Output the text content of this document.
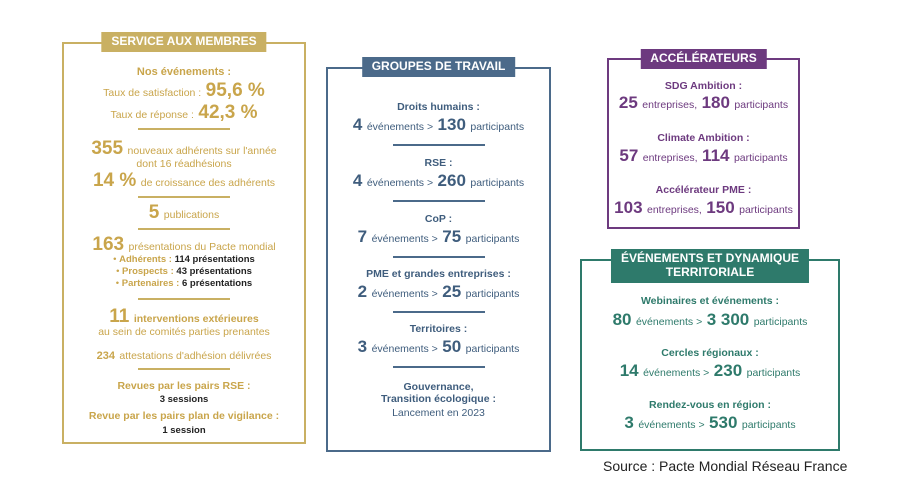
SERVICE AUX MEMBRES
Nos événements :
Taux de satisfaction : 95,6 %
Taux de réponse : 42,3 %
355 nouveaux adhérents sur l'année
dont 16 réadhésions
14 % de croissance des adhérents
5 publications
163 présentations du Pacte mondial
• Adhérents : 114 présentations
• Prospects : 43 présentations
• Partenaires : 6 présentations
11 interventions extérieures
au sein de comités parties prenantes
234 attestations d'adhésion délivrées
Revues par les pairs RSE :
3 sessions
Revue par les pairs plan de vigilance :
1 session
GROUPES DE TRAVAIL
Droits humains :
4 événements > 130 participants
RSE :
4 événements > 260 participants
CoP :
7 événements > 75 participants
PME et grandes entreprises :
2 événements > 25 participants
Territoires :
3 événements > 50 participants
Gouvernance,
Transition écologique :
Lancement en 2023
ACCÉLÉRATEURS
SDG Ambition :
25 entreprises, 180 participants
Climate Ambition :
57 entreprises, 114 participants
Accélérateur PME :
103 entreprises, 150 participants
ÉVÉNEMENTS ET DYNAMIQUE
TERRITORIALE
Webinaires et événements :
80 événements > 3 300 participants
Cercles régionaux :
14 événements > 230 participants
Rendez-vous en région :
3 événements > 530 participants
Source : Pacte Mondial Réseau France
